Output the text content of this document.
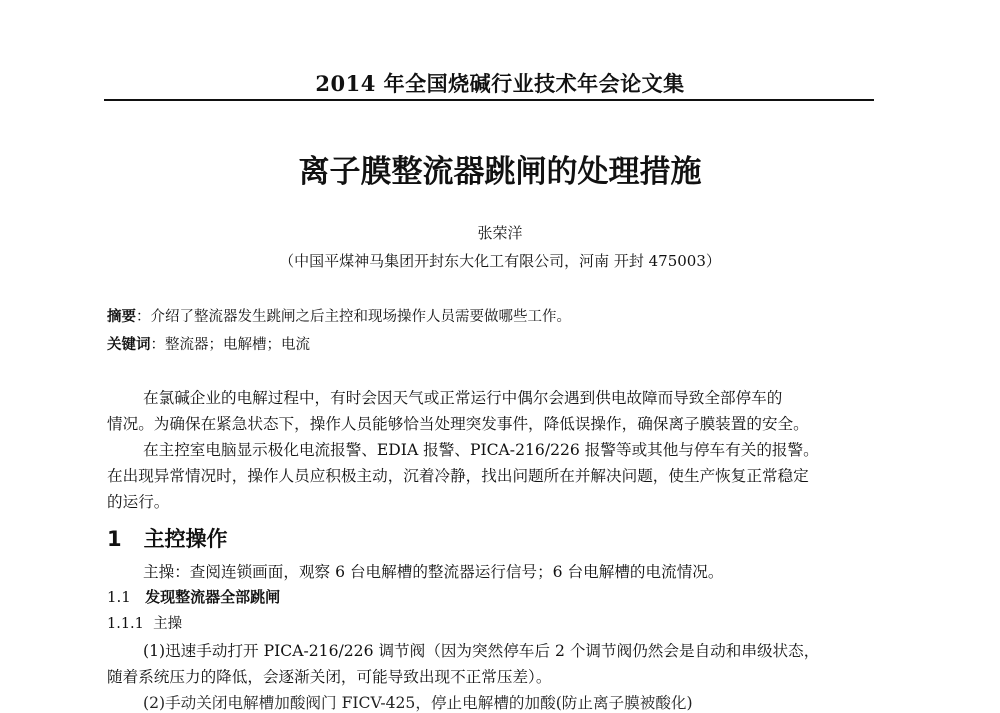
2014 年全国烧碱行业技术年会论文集
离子膜整流器跳闸的处理措施
张荣洋
（中国平煤神马集团开封东大化工有限公司，河南 开封 475003）
摘要：介绍了整流器发生跳闸之后主控和现场操作人员需要做哪些工作。
关键词：整流器；电解槽；电流
在氯碱企业的电解过程中，有时会因天气或正常运行中偶尔会遇到供电故障而导致全部停车的
情况。为确保在紧急状态下，操作人员能够恰当处理突发事件，降低误操作，确保离子膜装置的安全。
在主控室电脑显示极化电流报警、EDIA 报警、PICA-216/226 报警等或其他与停车有关的报警。
在出现异常情况时，操作人员应积极主动，沉着冷静，找出问题所在并解决问题，使生产恢复正常稳定
的运行。
1 主控操作
主操：查阅连锁画面，观察 6 台电解槽的整流器运行信号；6 台电解槽的电流情况。
1.1 发现整流器全部跳闸
1.1.1 主操
(1)迅速手动打开 PICA-216/226 调节阀（因为突然停车后 2 个调节阀仍然会是自动和串级状态，
随着系统压力的降低，会逐渐关闭，可能导致出现不正常压差）。
(2)手动关闭电解槽加酸阀门 FICV-425，停止电解槽的加酸(防止离子膜被酸化)
